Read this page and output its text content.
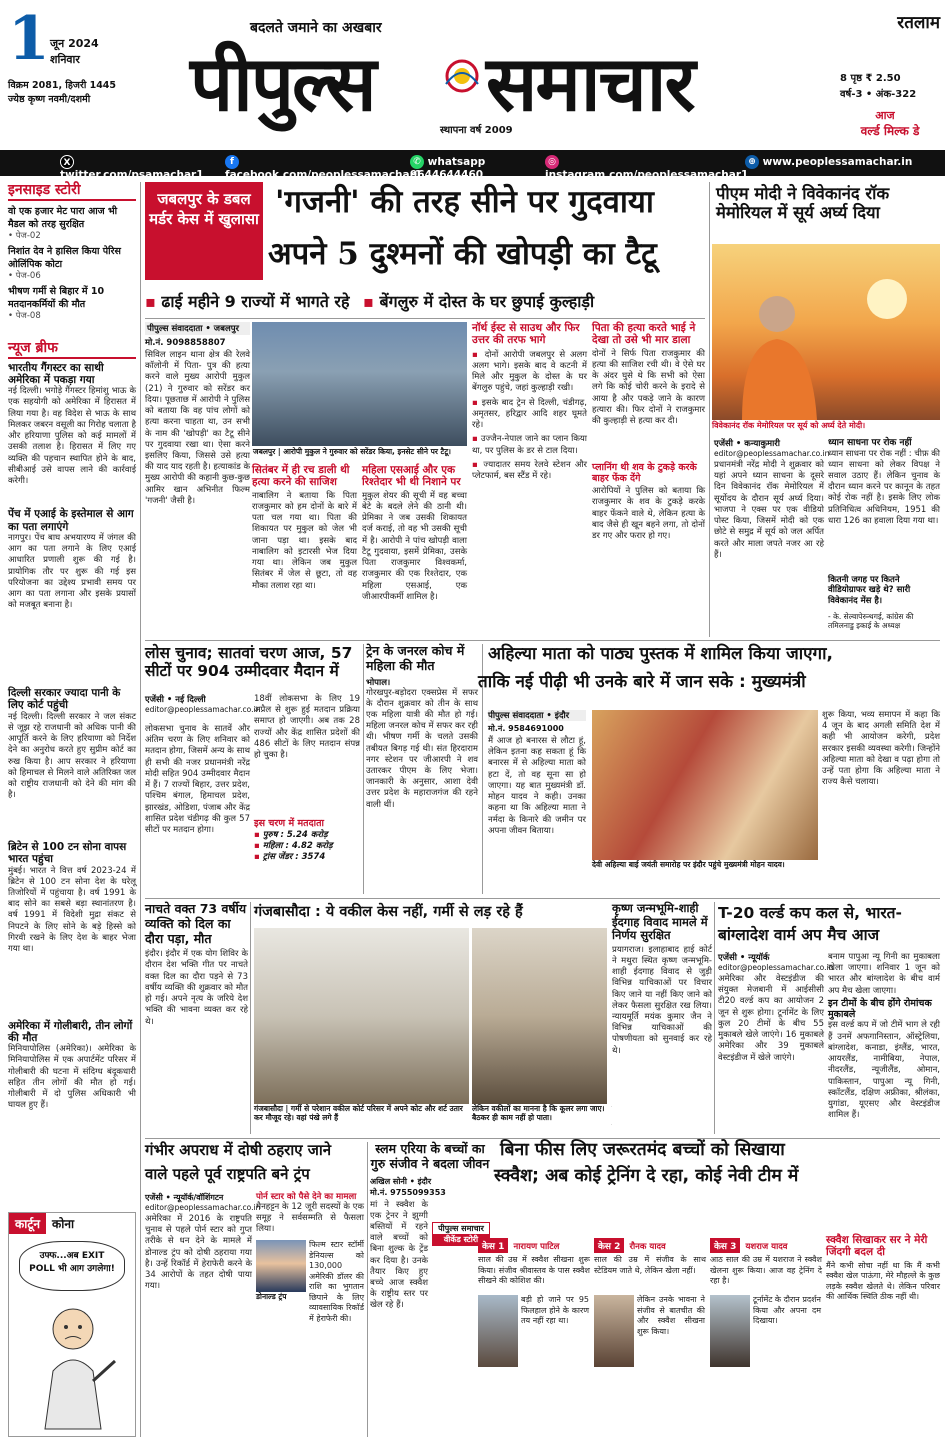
1 जून 2024
शनिवार
विक्रम 2081, हिजरी 1445
ज्येष्ठ कृष्ण नवमी/दशमी
बदलते जमाने का अखबार
पीपुल्स	समाचार
स्थापना वर्ष 2009
रतलाम
8 पृष्ठ ₹ 2.50
वर्ष-3 • अंक-322
आज
वर्ल्ड मिल्क डे
X twitter.com/psamachar1
f facebook.com/peoplessamachar1
✆ whatsapp 9644644460
◎ instagram.com/peoplessamachar1
⊕ www.peoplessamachar.in
इनसाइड स्टोरी
वो एक हजार मेट पारा आज भी मैडल को तरह सुरक्षित
• पेज-02
निशांत देव ने हासिल किया पेरिस ओलिंपिक कोटा
• पेज-06
भीषण गर्मी से बिहार में 10 मतदानकर्मियों की मौत
• पेज-08
न्यूज ब्रीफ
भारतीय गैंगस्टर का साथी अमेरिका में पकड़ा गया
नई दिल्ली। भगोड़े गैंगस्टर हिमांशु भाऊ के एक सहयोगी को अमेरिका में हिरासत में लिया गया है। वह विदेश से भाऊ के साथ मिलकर जबरन वसूली का गिरोह चलाता है और हरियाणा पुलिस को कई मामलों में उसकी तलाश है। हिरासत में लिए गए व्यक्ति की पहचान स्थापित होने के बाद, सीबीआई उसे वापस लाने की कार्रवाई करेगी।
पेंच में एआई के इस्तेमाल से आग का पता लगाएंगे
नागपुर। पेंच बाघ अभयारण्य में जंगल की आग का पता लगाने के लिए एआई आधारित प्रणाली शुरू की गई है। प्रायोगिक तौर पर शुरू की गई इस परियोजना का उद्देश्य प्रभावी समय पर आग का पता लगाना और इसके प्रयासों को मजबूत बनाना है।
दिल्ली सरकार ज्यादा पानी के लिए कोर्ट पहुंची
नई दिल्ली। दिल्ली सरकार ने जल संकट से जूझ रहे राजधानी को अधिक पानी की आपूर्ति करने के लिए हरियाणा को निर्देश देने का अनुरोध करते हुए सुप्रीम कोर्ट का रुख किया है। आप सरकार ने हरियाणा को हिमाचल से मिलने वाले अतिरिक्त जल को राष्ट्रीय राजधानी को देने की मांग की है।
ब्रिटेन से 100 टन सोना वापस भारत पहुंचा
मुंबई। भारत ने वित्त वर्ष 2023-24 में ब्रिटेन से 100 टन सोना देश के घरेलू तिजोरियों में पहुंचाया है। वर्ष 1991 के बाद सोने का सबसे बड़ा स्थानांतरण है। वर्ष 1991 में विदेशी मुद्रा संकट से निपटने के लिए सोने के बड़े हिस्से को गिरवी रखने के लिए देश के बाहर भेजा गया था।
अमेरिका में गोलीबारी, तीन लोगों की मौत
मिनियापोलिस (अमेरिका)। अमेरिका के मिनियापोलिस में एक अपार्टमेंट परिसर में गोलीबारी की घटना में संदिग्ध बंदूकधारी सहित तीन लोगों की मौत हो गई। गोलीबारी में दो पुलिस अधिकारी भी घायल हुए हैं।
कार्टून	कोना
उफ्फ...अब EXIT POLL भी आग उगलेगा!
जबलपुर के डबल मर्डर केस में खुलासा 'गजनी' की तरह सीने पर गुदवाया
अपने 5 दुश्मनों की खोपड़ी का टैटू
▪ ढाई महीने 9 राज्यों में भागते रहे ▪ बेंगलुरु में दोस्त के घर छुपाई कुल्हाड़ी
पीपुल्स संवाददाता • जबलपुर
मो.नं. 9098858807
सिविल लाइन थाना क्षेत्र की रेलवे कॉलोनी में पिता- पुत्र की हत्या करने वाले मुख्य आरोपी मुकुल (21) ने गुरुवार को सरेंडर कर दिया। पूछताछ में आरोपी ने पुलिस को बताया कि वह पांच लोगों को हत्या करना चाहता था, उन सभी के नाम की 'खोपड़ी' का टैटू सीने पर गुदवाया रखा था। ऐसा करने इसलिए किया, जिससे उसे हत्या की याद याद रहती है। हत्याकांड के मुख्य आरोपी की कहानी कुछ-कुछ आमिर खान अभिनीत फिल्म 'गजनी' जैसी है।
जबलपुर | आरोपी मुकुल ने गुरुवार को सरेंडर किया, इनसेट सीने पर टैटू।
सितंबर में ही रच डाली थी हत्या करने की साजिश
नाबालिग ने बताया कि पिता राजकुमार को हम दोनों के बारे में पता चल गया था। पिता की शिकायत पर मुकुल को जेल भी जाना पड़ा था। इसके बाद नाबालिग को इटारसी भेज दिया गया था। लेकिन जब मुकुल सितंबर में जेल से छूटा, तो वह मौका तलाश रहा था।
महिला एसआई और एक रिश्तेदार भी थी निशाने पर
मुकुल शेयर की सूची में वह बच्चा बेटे के बदले लेने की ठानी थी। प्रेमिका ने जब उसकी शिकायत दर्ज कराई, तो वह भी उसकी सूची में है। आरोपी ने पांच खोपड़ी वाला टैटू गुदवाया, इसमें प्रेमिका, उसके पिता राजकुमार विश्वकर्मा, राजकुमार की एक रिश्तेदार, एक महिला एसआई, एक जीआरपीकर्मी शामिल है।
नॉर्थ ईस्ट से साउथ और फिर उत्तर की तरफ भागे
▪ दोनों आरोपी जबलपुर से अलग अलग भागे। इसके बाद वे कटनी में मिले और मुकुल के दोस्त के घर बेंगलुरु पहुंचे, जहां कुल्हाड़ी रखी।
▪ इसके बाद ट्रेन से दिल्ली, चंडीगढ़, अमृतसर, हरिद्वार आदि शहर घूमते रहे।
▪ उज्जैन-नेपाल जाने का प्लान किया था, पर पुलिस के डर से टाल दिया।
▪ ज्यादातर समय रेलवे स्टेशन और प्लेटफार्म, बस स्टैंड में रहे।
पिता की हत्या करते भाई ने देखा तो उसे भी मार डाला
दोनों ने सिर्फ पिता राजकुमार की हत्या की साजिश रची थी। वे ऐसे घर के अंदर घुसे थे कि सभी को ऐसा लगे कि कोई चोरी करने के इरादे से आया है और पकड़े जाने के कारण हत्यारा की। फिर दोनों ने राजकुमार की कुल्हाड़ी से हत्या कर दी।
प्लानिंग थी शव के टुकड़े करके बाहर फेंक देंगे
आरोपियों ने पुलिस को बताया कि राजकुमार के शव के टुकड़े करके बाहर फेंकने वाले थे, लेकिन हत्या के बाद जैसे ही खून बहने लगा, तो दोनों डर गए और फरार हो गए।
पीएम मोदी ने विवेकानंद रॉक मेमोरियल में सूर्य अर्घ्य दिया
विवेकानंद रॉक मेमोरियल पर सूर्य को अर्घ्य देते मोदी।
एजेंसी • कन्याकुमारी
editor@peoplessamachar.co.in
प्रधानमंत्री नरेंद्र मोदी ने शुक्रवार को यहां अपने ध्यान साधना के दूसरे दिन विवेकानंद रॉक मेमोरियल में सूर्योदय के दौरान सूर्य अर्घ्य दिया। भाजपा ने एक्स पर एक वीडियो पोस्ट किया, जिसमें मोदी को एक छोटे से समुद्र में सूर्य को जल अर्पित करते और माला जपते नजर आ रहे हैं।
ध्यान साधना पर रोक नहीं
ध्यान साधना पर रोक नहीं : चीफ़ की ध्यान साधना को लेकर विपक्ष ने सवाल उठाए हैं। लेकिन चुनाव के दौरान ध्यान करने पर कानून के तहत कोई रोक नहीं है। इसके लिए लोक प्रतिनिधित्व अधिनियम, 1951 की धारा 126 का हवाला दिया गया था।
कितनी जगह पर कितने वीडियोग्राफर खड़े थे? सारी विवेकानंद मेंस है।
- के. सेल्वापेरुन्थगई, कांग्रेस की तमिलनाडु इकाई के अध्यक्ष
लोस चुनाव; सातवां चरण आज, 57 सीटों पर 904 उम्मीदवार मैदान में
एजेंसी • नई दिल्ली
editor@peoplessamachar.co.in
लोकसभा चुनाव के सातवें और अंतिम चरण के लिए शनिवार को मतदान होगा, जिसमें अन्य के साथ ही सभी की नजर प्रधानमंत्री नरेंद्र मोदी सहित 904 उम्मीदवार मैदान में हैं। 7 राज्यों बिहार, उत्तर प्रदेश, पश्चिम बंगाल, हिमाचल प्रदेश, झारखंड, ओडिशा, पंजाब और केंद्र शासित प्रदेश चंडीगढ़ की कुल 57 सीटों पर मतदान होगा।
18वीं लोकसभा के लिए 19 अप्रैल से शुरू हुई मतदान प्रक्रिया समाप्त हो जाएगी। अब तक 28 राज्यों और केंद्र शासित प्रदेशों की 486 सीटों के लिए मतदान संपन्न हो चुका है।
इस चरण में मतदाता
▪ पुरुष : 5.24 करोड़
▪ महिला : 4.82 करोड़
▪ ट्रांस जेंडर : 3574
ट्रेन के जनरल कोच में महिला की मौत
भोपाल।
गोरखपुर-बड़ोदरा एक्सप्रेस में सफर के दौरान शुक्रवार को तीन के साथ एक महिला यात्री की मौत हो गई। महिला जनरल कोच में सफर कर रही थी। भीषण गर्मी के चलते उसकी तबीयत बिगड़ गई थी। संत हिरदाराम नगर स्टेशन पर जीआरपी ने शव उतारकर पीएम के लिए भेजा। जानकारी के अनुसार, आशा देवी उत्तर प्रदेश के महाराजगंज की रहने वाली थीं।
अहिल्या माता को पाठ्य पुस्तक में शामिल किया जाएगा,
ताकि नई पीढ़ी भी उनके बारे में जान सके : मुख्यमंत्री
पीपुल्स संवाददाता • इंदौर
मो.नं. 9584691000
मैं आज हो बनारस से लौटा हूं, लेकिन इतना कह सकता हूं कि बनारस में से अहिल्या माता को हटा दें, तो वह सूना सा हो जाएगा। यह बात मुख्यमंत्री डॉ. मोहन यादव ने कही। उनका कहना था कि अहिल्या माता ने नर्मदा के किनारे की जमीन पर अपना जीवन बिताया।
देवी अहिल्या बाई जयंती समारोह पर इंदौर पहुंचे मुख्यमंत्री मोहन यादव।
शुरू किया, भव्य समापन में कहा कि 4 जून के बाद अगली समिति देश में कही भी आयोजन करेगी, प्रदेश सरकार इसकी व्यवस्था करेगी। जिन्होंने अहिल्या माता को देखा व पढ़ा होगा तो उन्हें पता होगा कि अहिल्या माता ने राज्य कैसे चलाया।
नाचते वक्त 73 वर्षीय
व्यक्ति को दिल का दौरा पड़ा, मौत
इंदौर। इंदौर में एक योग शिविर के दौरान देश भक्ति गीत पर नाचते वक्त दिल का दौरा पड़ने से 73 वर्षीय व्यक्ति की शुक्रवार को मौत हो गई। अपने नृत्य के जरिये देश भक्ति की भावना व्यक्त कर रहे थे।
गंजबासौदा : ये वकील केस नहीं, गर्मी से लड़ रहे हैं
गंजबासौदा | गर्मी से परेशान वकील कोर्ट परिसर में अपने कोट और शर्ट उतार कर मौजूद रहे। वहां पंखे लगे हैं
लेकिन वकीलों का मानना है कि कूलर लगा जाए। बैठकर ही काम नहीं हो पाता।
कृष्ण जन्मभूमि-शाही ईदगाह विवाद मामले में निर्णय सुरक्षित
प्रयागराज। इलाहाबाद हाई कोर्ट ने मथुरा स्थित कृष्ण जन्मभूमि-शाही ईदगाह विवाद से जुड़ी विभिन्न याचिकाओं पर विचार किए जाने या नहीं किए जाने को लेकर फैसला सुरक्षित रख लिया। न्यायमूर्ति मयंक कुमार जैन ने विभिन्न याचिकाओं की पोषणीयता को सुनवाई कर रहे थे।
T-20 वर्ल्ड कप कल से, भारत-
बांग्लादेश वार्म अप मैच आज
एजेंसी • न्यूयॉर्क
editor@peoplessamachar.co.in
अमेरिका और वेस्टइंडीज की संयुक्त मेजबानी में आईसीसी टी20 वर्ल्ड कप का आयोजन 2 जून से शुरू होगा। टूर्नामेंट के लिए कुल 20 टीमों के बीच 55 मुकाबले खेले जाएंगे। 16 मुकाबले अमेरिका और 39 मुकाबले वेस्टइंडीज में खेले जाएंगे।
बनाम पापुआ न्यू गिनी का मुकाबला खेला जाएगा। शनिवार 1 जून को भारत और बांग्लादेश के बीच वार्म अप मैच खेला जाएगा।
इन टीमों के बीच होंगे रोमांचक मुकाबले
इस वर्ल्ड कप में जो टीमें भाग ले रही हैं उनमें अफगानिस्तान, ऑस्ट्रेलिया, बांग्लादेश, कनाडा, इंग्लैंड, भारत, आयरलैंड, नामीबिया, नेपाल, नीदरलैंड, न्यूजीलैंड, ओमान, पाकिस्तान, पापुआ न्यू गिनी, स्कॉटलैंड, दक्षिण अफ्रीका, श्रीलंका, युगांडा, यूएसए और वेस्टइंडीज शामिल हैं।
गंभीर अपराध में दोषी ठहराए जाने
वाले पहले पूर्व राष्ट्रपति बने ट्रंप
एजेंसी • न्यूयॉर्क/वॉशिंगटन
editor@peoplessamachar.co.in
अमेरिका में 2016 के राष्ट्रपति चुनाव से पहले पोर्न स्टार को गुप्त तरीके से धन देने के मामले में डोनाल्ड ट्रंप को दोषी ठहराया गया है। उन्हें रिकॉर्ड में हेराफेरी करने के 34 आरोपों के तहत दोषी पाया गया।
पोर्न स्टार को पैसे देने का मामला
मैनहट्टन के 12 जूरी सदस्यों के एक समूह ने सर्वसम्मति से फैसला लिया।
डोनाल्ड ट्रंप
फिल्म स्टार स्टॉर्मी डेनियल्स को 130,000 अमेरिकी डॉलर की राशि का भुगतान छिपाने के लिए व्यावसायिक रिकॉर्ड में हेराफेरी की।
स्लम एरिया के बच्चों का गुरु संजीव ने बदला जीवन
अखिल सोनी • इंदौर
मो.नं. 9755099353
मां ने स्क्वैश के एक ट्रेनर ने झुग्गी बस्तियों में रहने वाले बच्चों को बिना शुल्क के ट्रेंड कर दिया है। उनके तैयार किए हुए बच्चे आज स्क्वैश के राष्ट्रीय स्तर पर खेल रहे हैं।
पीपुल्स समाचार
वीकेंड स्टोरी
बिना फीस लिए जरूरतमंद बच्चों को सिखाया
स्क्वैश; अब कोई ट्रेनिंग दे रहा, कोई नेवी टीम में
केस 1 नारायण पाटिल
साल की उम्र में स्क्वैश सीखना शुरू किया। संजीव श्रीवास्तव के पास स्क्वैश सीखने की कोशिश की।
बड़ी हो जाने पर 95 फिलहाल होने के कारण तय नहीं रहा था।
केस 2 रौनक यादव
साल की उम्र में संजीव के साथ स्टेडियम जाते थे, लेकिन खेला नहीं।
लेकिन उनके भावना ने संजीव से बातचीत की और स्क्वैश सीखना शुरू किया।
केस 3 यशराज यादव
आठ साल की उम्र में यशराज ने स्क्वैश खेलना शुरू किया। आज वह ट्रेनिंग दे रहा है।
टूर्नामेंट के दौरान प्रदर्शन किया और अपना दम दिखाया।
स्क्वैश सिखाकर सर ने मेरी जिंदगी बदल दी
मैंने कभी सोचा नहीं था कि मैं कभी स्क्वैश खेल पाऊंगा, मेरे मौहल्ले के कुछ लड़के स्क्वैश खेलते थे। लेकिन परिवार की आर्थिक स्थिति ठीक नहीं थी।
